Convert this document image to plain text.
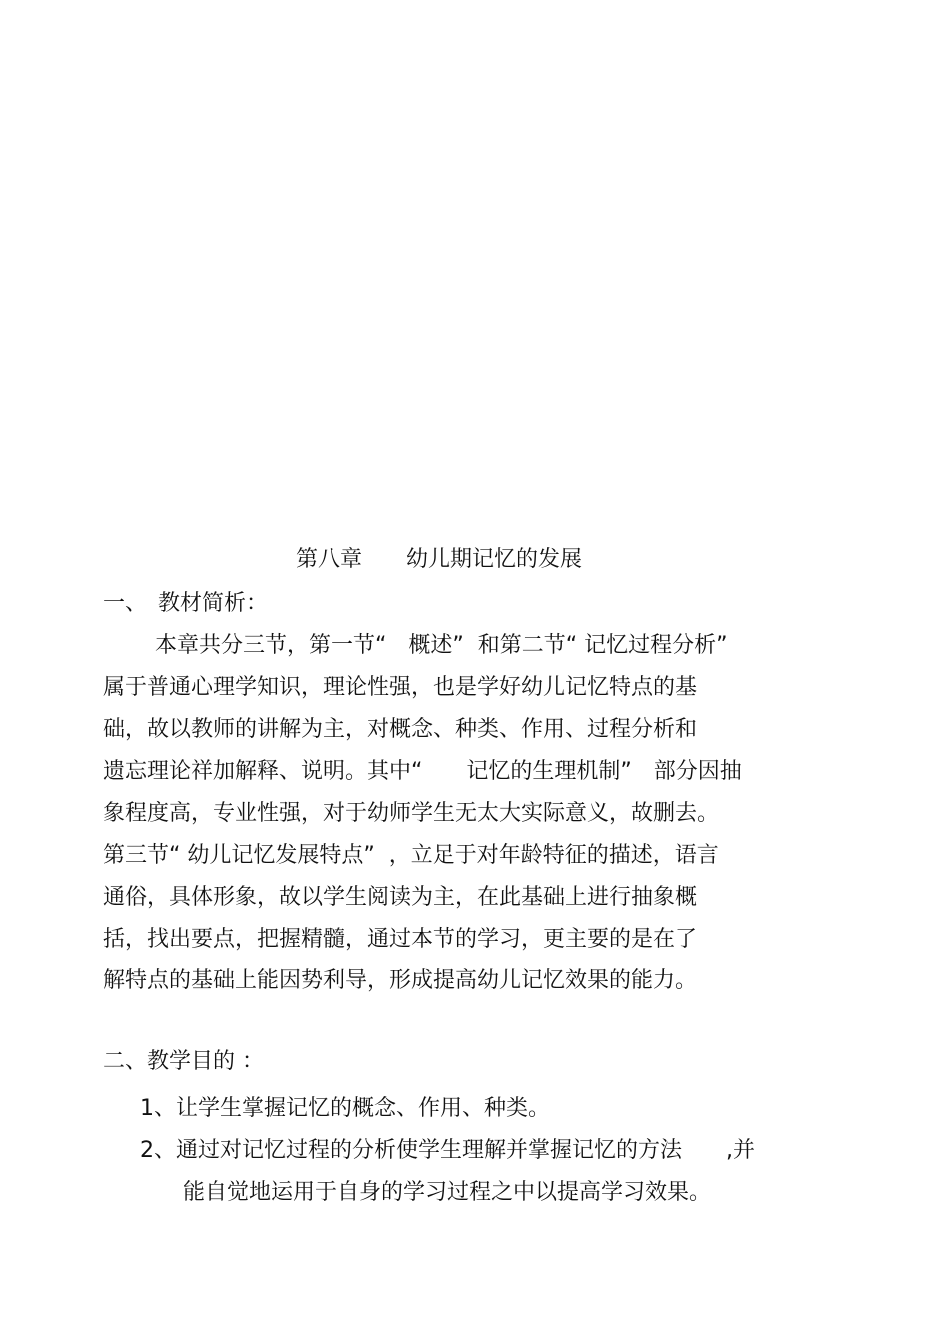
第八章　　幼儿期记忆的发展

一、　教材简析：

本章共分三节，第一节“　概述”  和第二节“ 记忆过程分析”

属于普通心理学知识，理论性强，也是学好幼儿记忆特点的基

础，故以教师的讲解为主，对概念、种类、作用、过程分析和

遗忘理论祥加解释、说明。其中“　　记忆的生理机制”　部分因抽

象程度高，专业性强，对于幼师学生无太大实际意义，故删去。

第三节“ 幼儿记忆发展特点”  ，立足于对年龄特征的描述，语言

通俗，具体形象，故以学生阅读为主，在此基础上进行抽象概

括，找出要点，把握精髓，通过本节的学习，更主要的是在了

解特点的基础上能因势利导，形成提高幼儿记忆效果的能力。

二、教学目的 ：

1、让学生掌握记忆的概念、作用、种类。

2、通过对记忆过程的分析使学生理解并掌握记忆的方法　　,并

能自觉地运用于自身的学习过程之中以提高学习效果。
